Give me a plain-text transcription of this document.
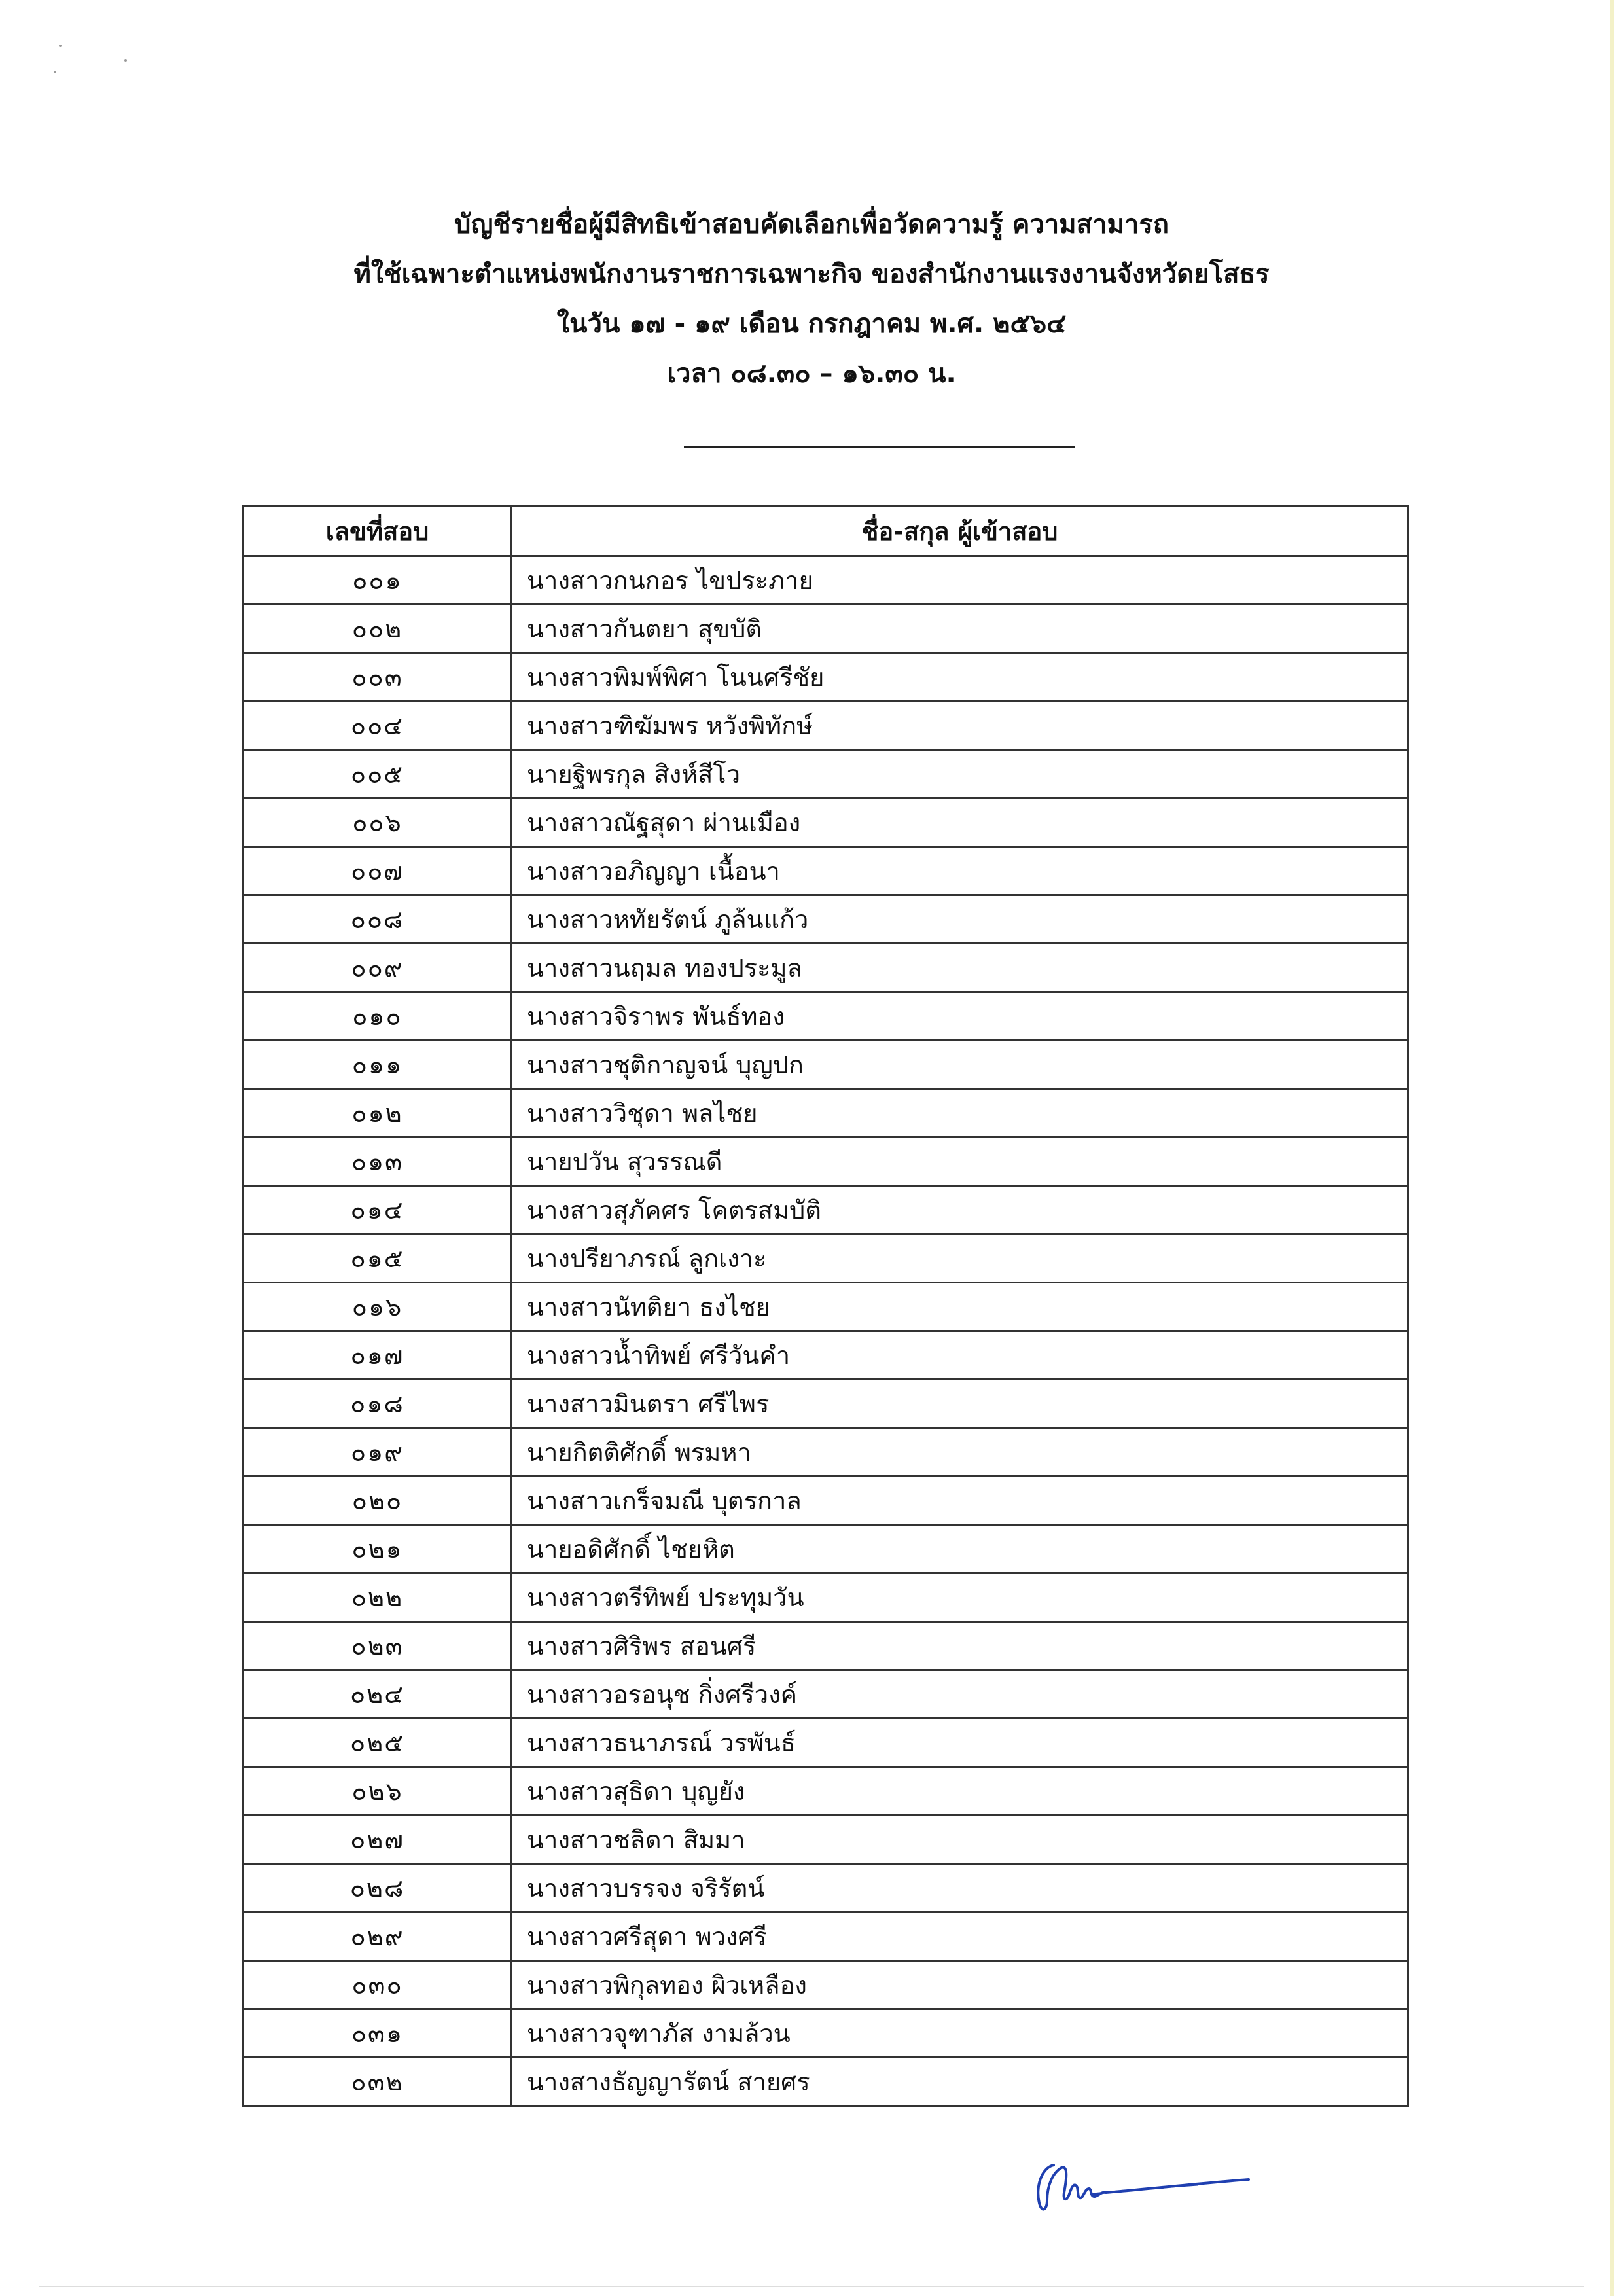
บัญชีรายชื่อผู้มีสิทธิเข้าสอบคัดเลือกเพื่อวัดความรู้ ความสามารถ
ที่ใช้เฉพาะตำแหน่งพนักงานราชการเฉพาะกิจ ของสำนักงานแรงงานจังหวัดยโสธร
ในวัน ๑๗ - ๑๙ เดือน กรกฎาคม พ.ศ. ๒๕๖๔
เวลา ๐๘.๓๐ – ๑๖.๓๐ น.
เลขที่สอบ	ชื่อ-สกุล ผู้เข้าสอบ
๐๐๑	นางสาวกนกอร ไขประภาย
๐๐๒	นางสาวกันตยา สุขบัติ
๐๐๓	นางสาวพิมพ์พิศา โนนศรีชัย
๐๐๔	นางสาวฑิฆัมพร หวังพิทักษ์
๐๐๕	นายฐิพรกุล สิงห์สีโว
๐๐๖	นางสาวณัฐสุดา ผ่านเมือง
๐๐๗	นางสาวอภิญญา เนื้อนา
๐๐๘	นางสาวหทัยรัตน์ ภูล้นแก้ว
๐๐๙	นางสาวนฤมล ทองประมูล
๐๑๐	นางสาวจิราพร พันธ์ทอง
๐๑๑	นางสาวชุติกาญจน์ บุญปก
๐๑๒	นางสาววิชุดา พลไชย
๐๑๓	นายปวัน สุวรรณดี
๐๑๔	นางสาวสุภัคศร โคตรสมบัติ
๐๑๕	นางปรียาภรณ์ ลูกเงาะ
๐๑๖	นางสาวนัทติยา ธงไชย
๐๑๗	นางสาวน้ำทิพย์ ศรีวันคำ
๐๑๘	นางสาวมินตรา ศรีไพร
๐๑๙	นายกิตติศักดิ์ พรมหา
๐๒๐	นางสาวเกร็จมณี บุตรกาล
๐๒๑	นายอดิศักดิ์ ไชยหิต
๐๒๒	นางสาวตรีทิพย์ ประทุมวัน
๐๒๓	นางสาวศิริพร สอนศรี
๐๒๔	นางสาวอรอนุช กิ่งศรีวงค์
๐๒๕	นางสาวธนาภรณ์ วรพันธ์
๐๒๖	นางสาวสุธิดา บุญยัง
๐๒๗	นางสาวชลิดา สิมมา
๐๒๘	นางสาวบรรจง จริรัตน์
๐๒๙	นางสาวศรีสุดา พวงศรี
๐๓๐	นางสาวพิกุลทอง ผิวเหลือง
๐๓๑	นางสาวจุฑาภัส งามล้วน
๐๓๒	นางสางธัญญารัตน์ สายศร
